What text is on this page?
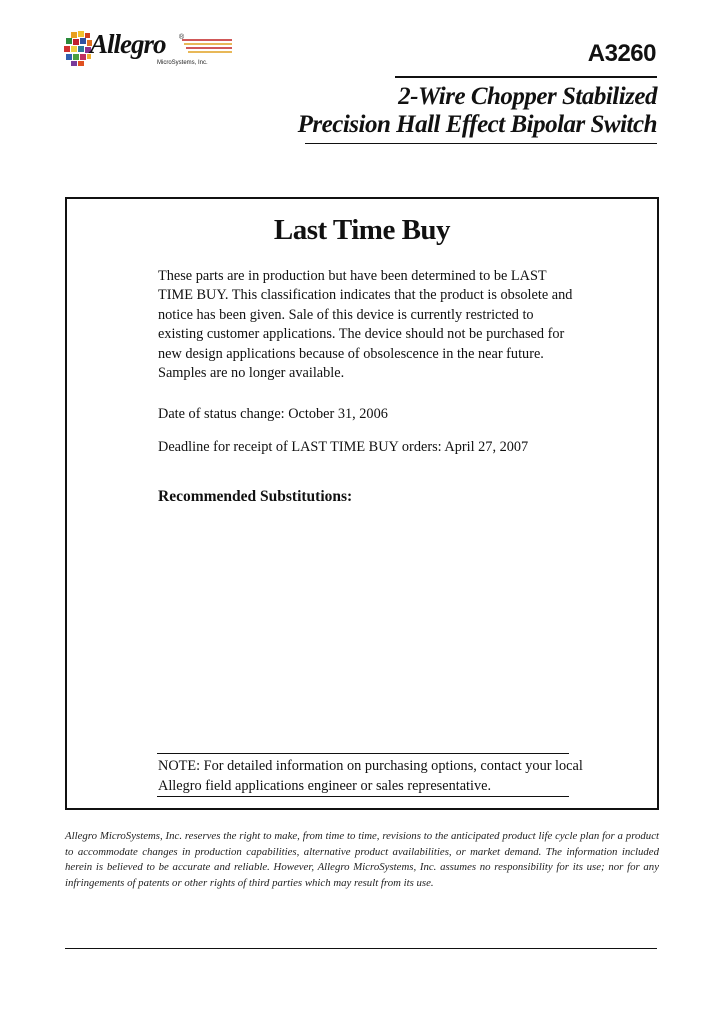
Allegro ®
MicroSystems, Inc.	A3260
2-Wire Chopper Stabilized
Precision Hall Effect Bipolar Switch
Last Time Buy
These parts are in production but have been determined to be LAST TIME BUY. This classification indicates that the product is obsolete and notice has been given. Sale of this device is currently restricted to existing customer applications. The device should not be purchased for new design applications because of obsolescence in the near future. Samples are no longer available.
Date of status change: October 31, 2006
Deadline for receipt of LAST TIME BUY orders: April 27, 2007
Recommended Substitutions:
NOTE: For detailed information on purchasing options, contact your local Allegro field applications engineer or sales representative.
Allegro MicroSystems, Inc. reserves the right to make, from time to time, revisions to the anticipated product life cycle plan for a product to accommodate changes in production capabilities, alternative product availabilities, or market demand. The information included herein is believed to be accurate and reliable. However, Allegro MicroSystems, Inc. assumes no responsibility for its use; nor for any infringements of patents or other rights of third parties which may result from its use.
